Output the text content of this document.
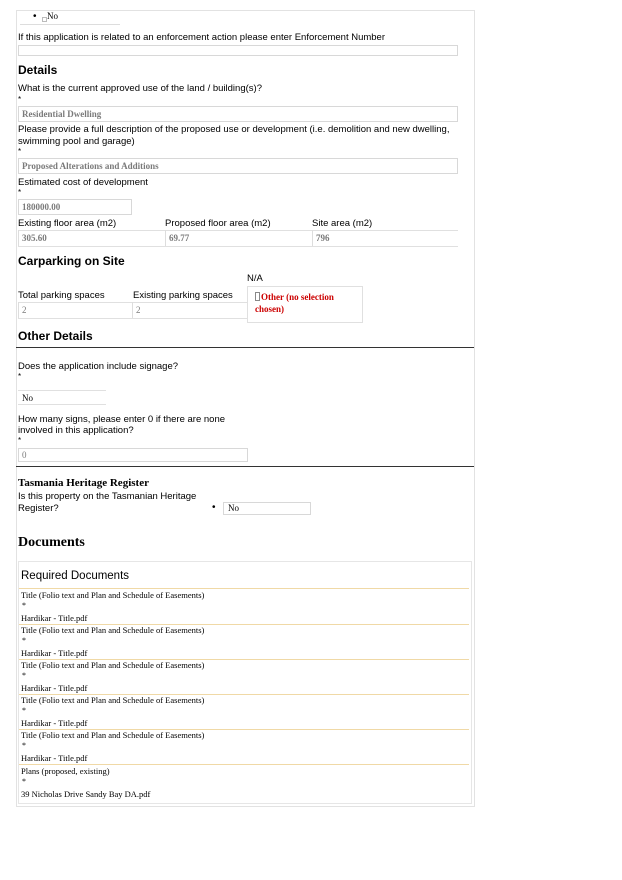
• No
If this application is related to an enforcement action please enter Enforcement Number
Details
What is the current approved use of the land / building(s)?
*
Residential Dwelling
Please provide a full description of the proposed use or development (i.e. demolition and new dwelling, swimming pool and garage)
*
Proposed Alterations and Additions
Estimated cost of development
*
180000.00
Existing floor area (m2)	Proposed floor area (m2)	Site area (m2)
305.60	69.77	796
Carparking on Site
N/A
Total parking spaces	Existing parking spaces	Other (no selection
chosen)
2	2
Other Details
Does the application include signage?
*
No
How many signs, please enter 0 if there are none
involved in this application?
*
0
Tasmania Heritage Register
Is this property on the Tasmanian Heritage
Register?	• No
Documents
Required Documents
Title (Folio text and Plan and Schedule of Easements)
*
Hardikar - Title.pdf
Title (Folio text and Plan and Schedule of Easements)
*
Hardikar - Title.pdf
Title (Folio text and Plan and Schedule of Easements)
*
Hardikar - Title.pdf
Title (Folio text and Plan and Schedule of Easements)
*
Hardikar - Title.pdf
Title (Folio text and Plan and Schedule of Easements)
*
Hardikar - Title.pdf
Plans (proposed, existing)
*
39 Nicholas Drive Sandy Bay DA.pdf
